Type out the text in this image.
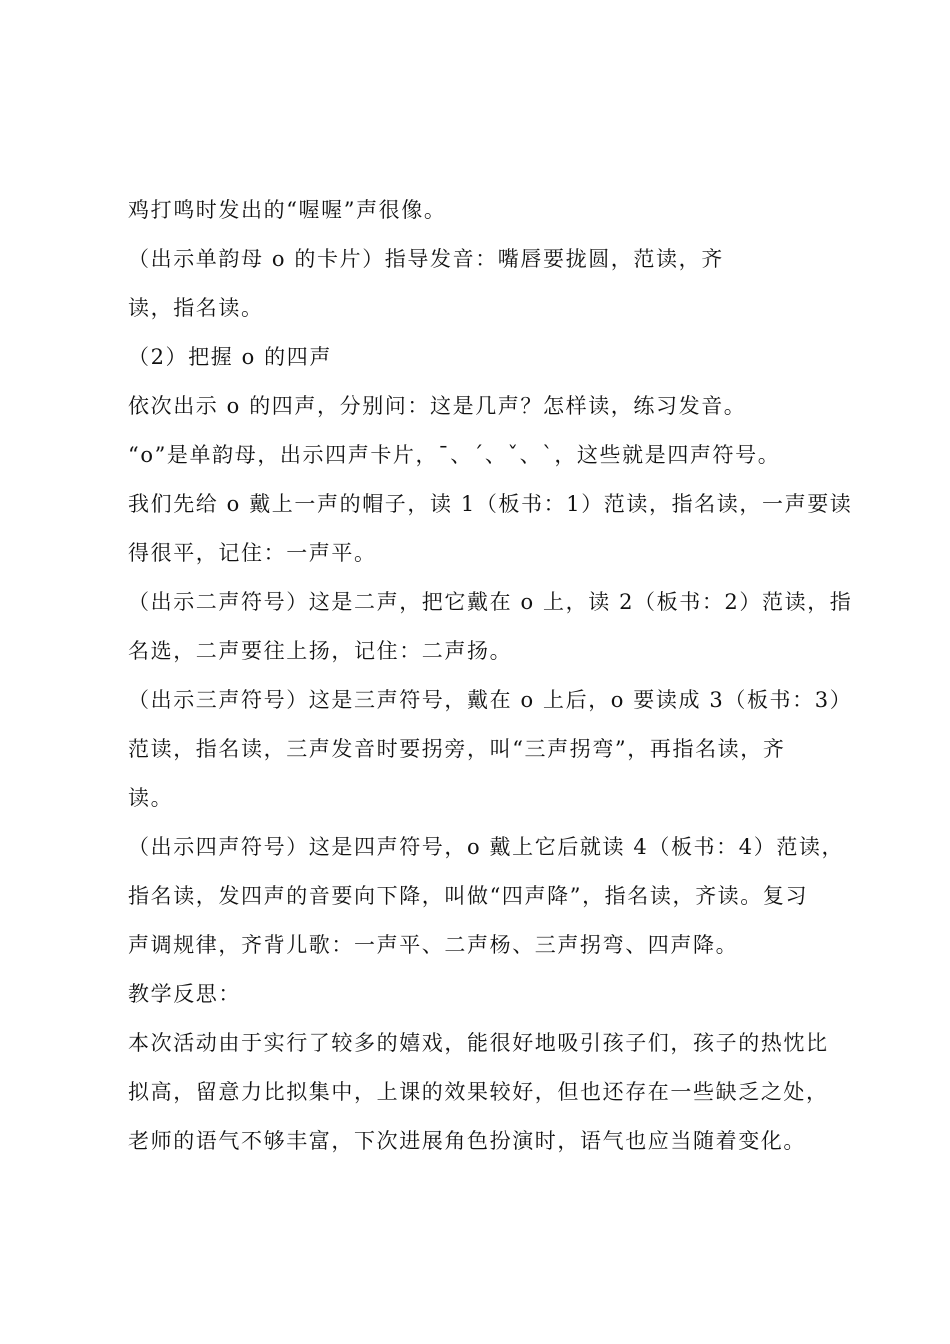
鸡打鸣时发出的“喔喔”声很像。
（出示单韵母 o 的卡片）指导发音：嘴唇要拢圆，范读，齐
读，指名读。
（2）把握 o 的四声
依次出示 o 的四声，分别问：这是几声？怎样读，练习发音。
“o”是单韵母，出示四声卡片，ˉ、ˊ、ˇ、ˋ，这些就是四声符号。
我们先给 o 戴上一声的帽子，读 1（板书：1）范读，指名读，一声要读
得很平，记住：一声平。
（出示二声符号）这是二声，把它戴在 o 上，读 2（板书：2）范读，指
名选，二声要往上扬，记住：二声扬。
（出示三声符号）这是三声符号，戴在 o 上后，o 要读成 3（板书：3）
范读，指名读，三声发音时要拐旁，叫“三声拐弯”，再指名读，齐
读。
（出示四声符号）这是四声符号，o 戴上它后就读 4（板书：4）范读，
指名读，发四声的音要向下降，叫做“四声降”，指名读，齐读。复习
声调规律，齐背儿歌：一声平、二声杨、三声拐弯、四声降。
教学反思：
本次活动由于实行了较多的嬉戏，能很好地吸引孩子们，孩子的热忱比
拟高，留意力比拟集中，上课的效果较好，但也还存在一些缺乏之处，
老师的语气不够丰富，下次进展角色扮演时，语气也应当随着变化。
